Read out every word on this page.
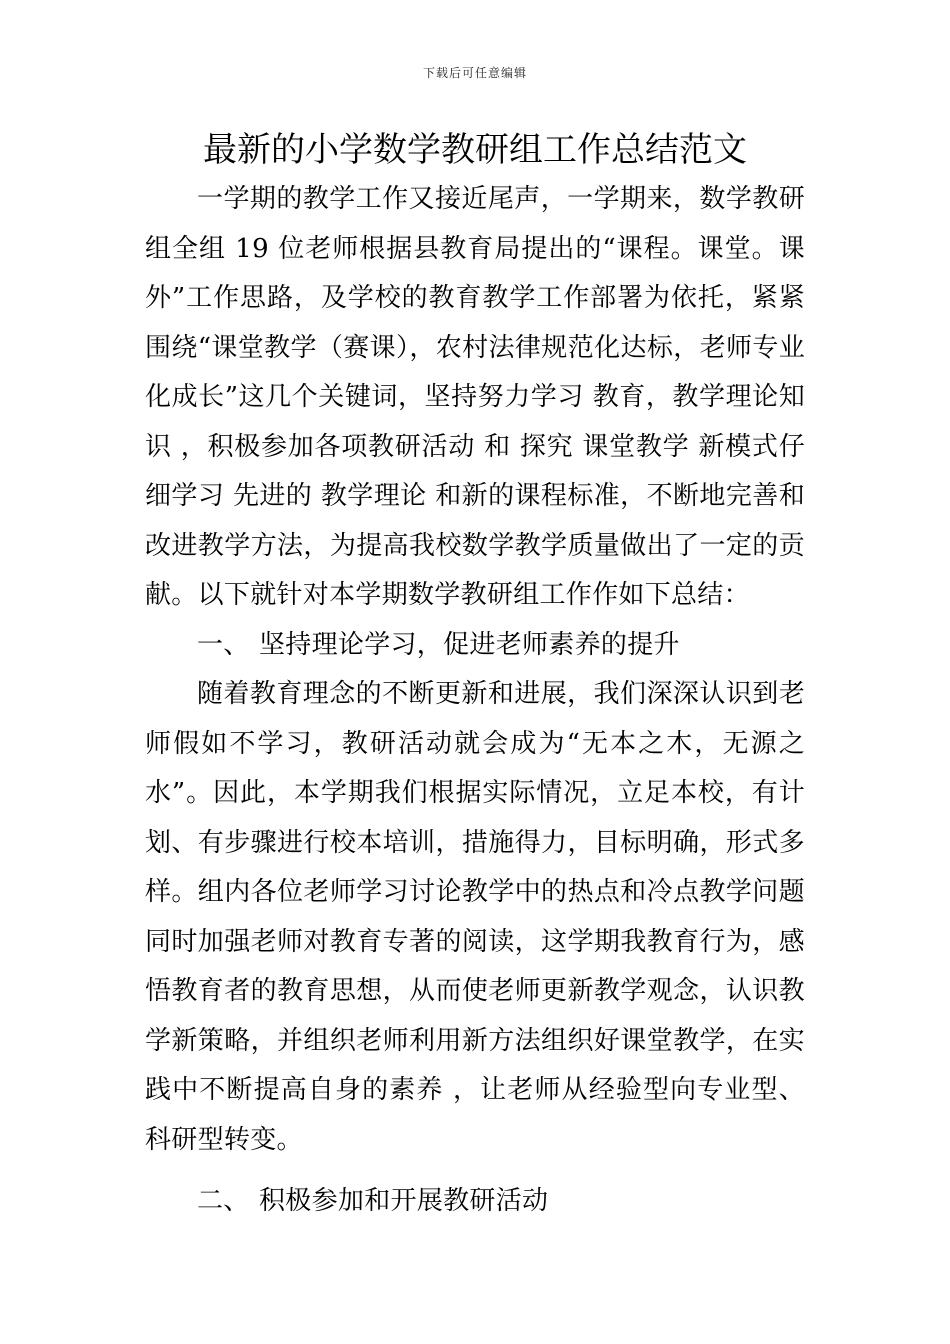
下载后可任意编辑
最新的小学数学教研组工作总结范文

一学期的教学工作又接近尾声，一学期来，数学教研组全组 19 位老师根据县教育局提出的“课程。课堂。课外”工作思路，及学校的教育教学工作部署为依托，紧紧围绕“课堂教学（赛课），农村法律规范化达标，老师专业化成长”这几个关键词，坚持努力学习 教育，教学理论知识 ，积极参加各项教研活动 和 探究 课堂教学 新模式仔细学习 先进的 教学理论 和新的课程标准，不断地完善和改进教学方法，为提高我校数学教学质量做出了一定的贡献。以下就针对本学期数学教研组工作作如下总结：

一、 坚持理论学习，促进老师素养的提升

随着教育理念的不断更新和进展，我们深深认识到老师假如不学习，教研活动就会成为“无本之木，无源之水”。因此，本学期我们根据实际情况，立足本校，有计划、有步骤进行校本培训，措施得力，目标明确，形式多样。组内各位老师学习讨论教学中的热点和冷点教学问题同时加强老师对教育专著的阅读，这学期我教育行为，感悟教育者的教育思想，从而使老师更新教学观念，认识教学新策略，并组织老师利用新方法组织好课堂教学，在实践中不断提高自身的素养 ，让老师从经验型向专业型、科研型转变。

二、 积极参加和开展教研活动
